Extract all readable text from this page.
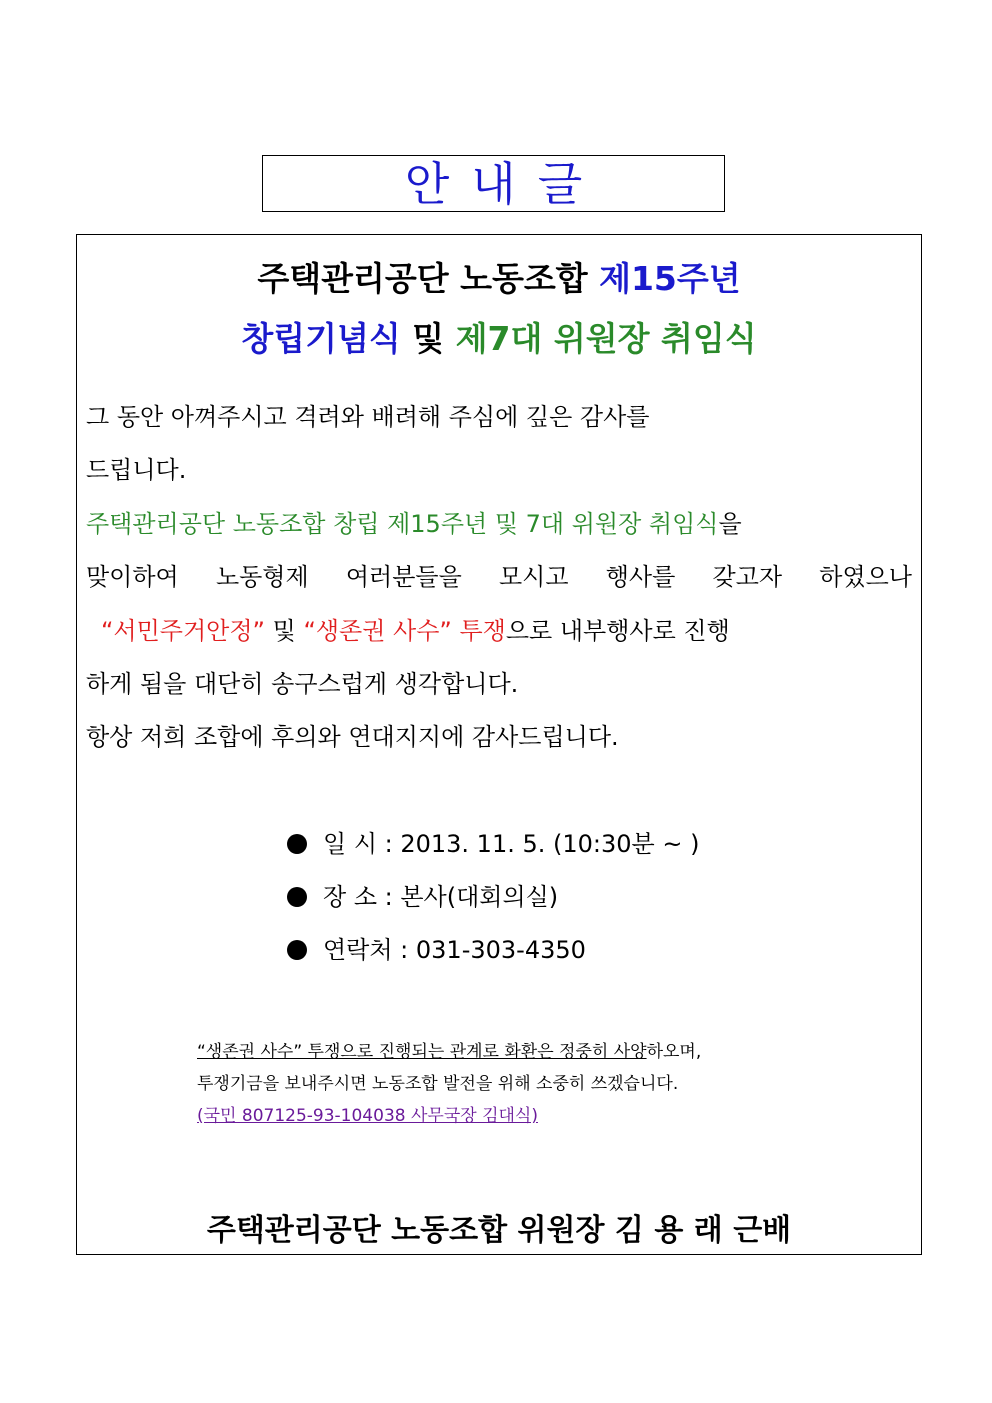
안내글
주택관리공단 노동조합 제15주년
창립기념식 및 제7대 위원장 취임식
그 동안 아껴주시고 격려와 배려해 주심에 깊은 감사를
드립니다.
주택관리공단 노동조합 창립 제15주년 및 7대 위원장 취임식을
맞이하여 노동형제 여러분들을 모시고 행사를 갖고자 하였으나
“서민주거안정” 및 “생존권 사수” 투쟁으로 내부행사로 진행
하게 됨을 대단히 송구스럽게 생각합니다.
항상 저희 조합에 후의와 연대지지에 감사드립니다.
일 시 : 2013. 11. 5. (10:30분 ~ )
장 소 : 본사(대회의실)
연락처 : 031-303-4350
“생존권 사수” 투쟁으로 진행되는 관계로 화환은 정중히 사양하오며,
투쟁기금을 보내주시면 노동조합 발전을 위해 소중히 쓰겠습니다.
(국민 807125-93-104038 사무국장 김대식)
주택관리공단 노동조합 위원장 김 용 래 근배
